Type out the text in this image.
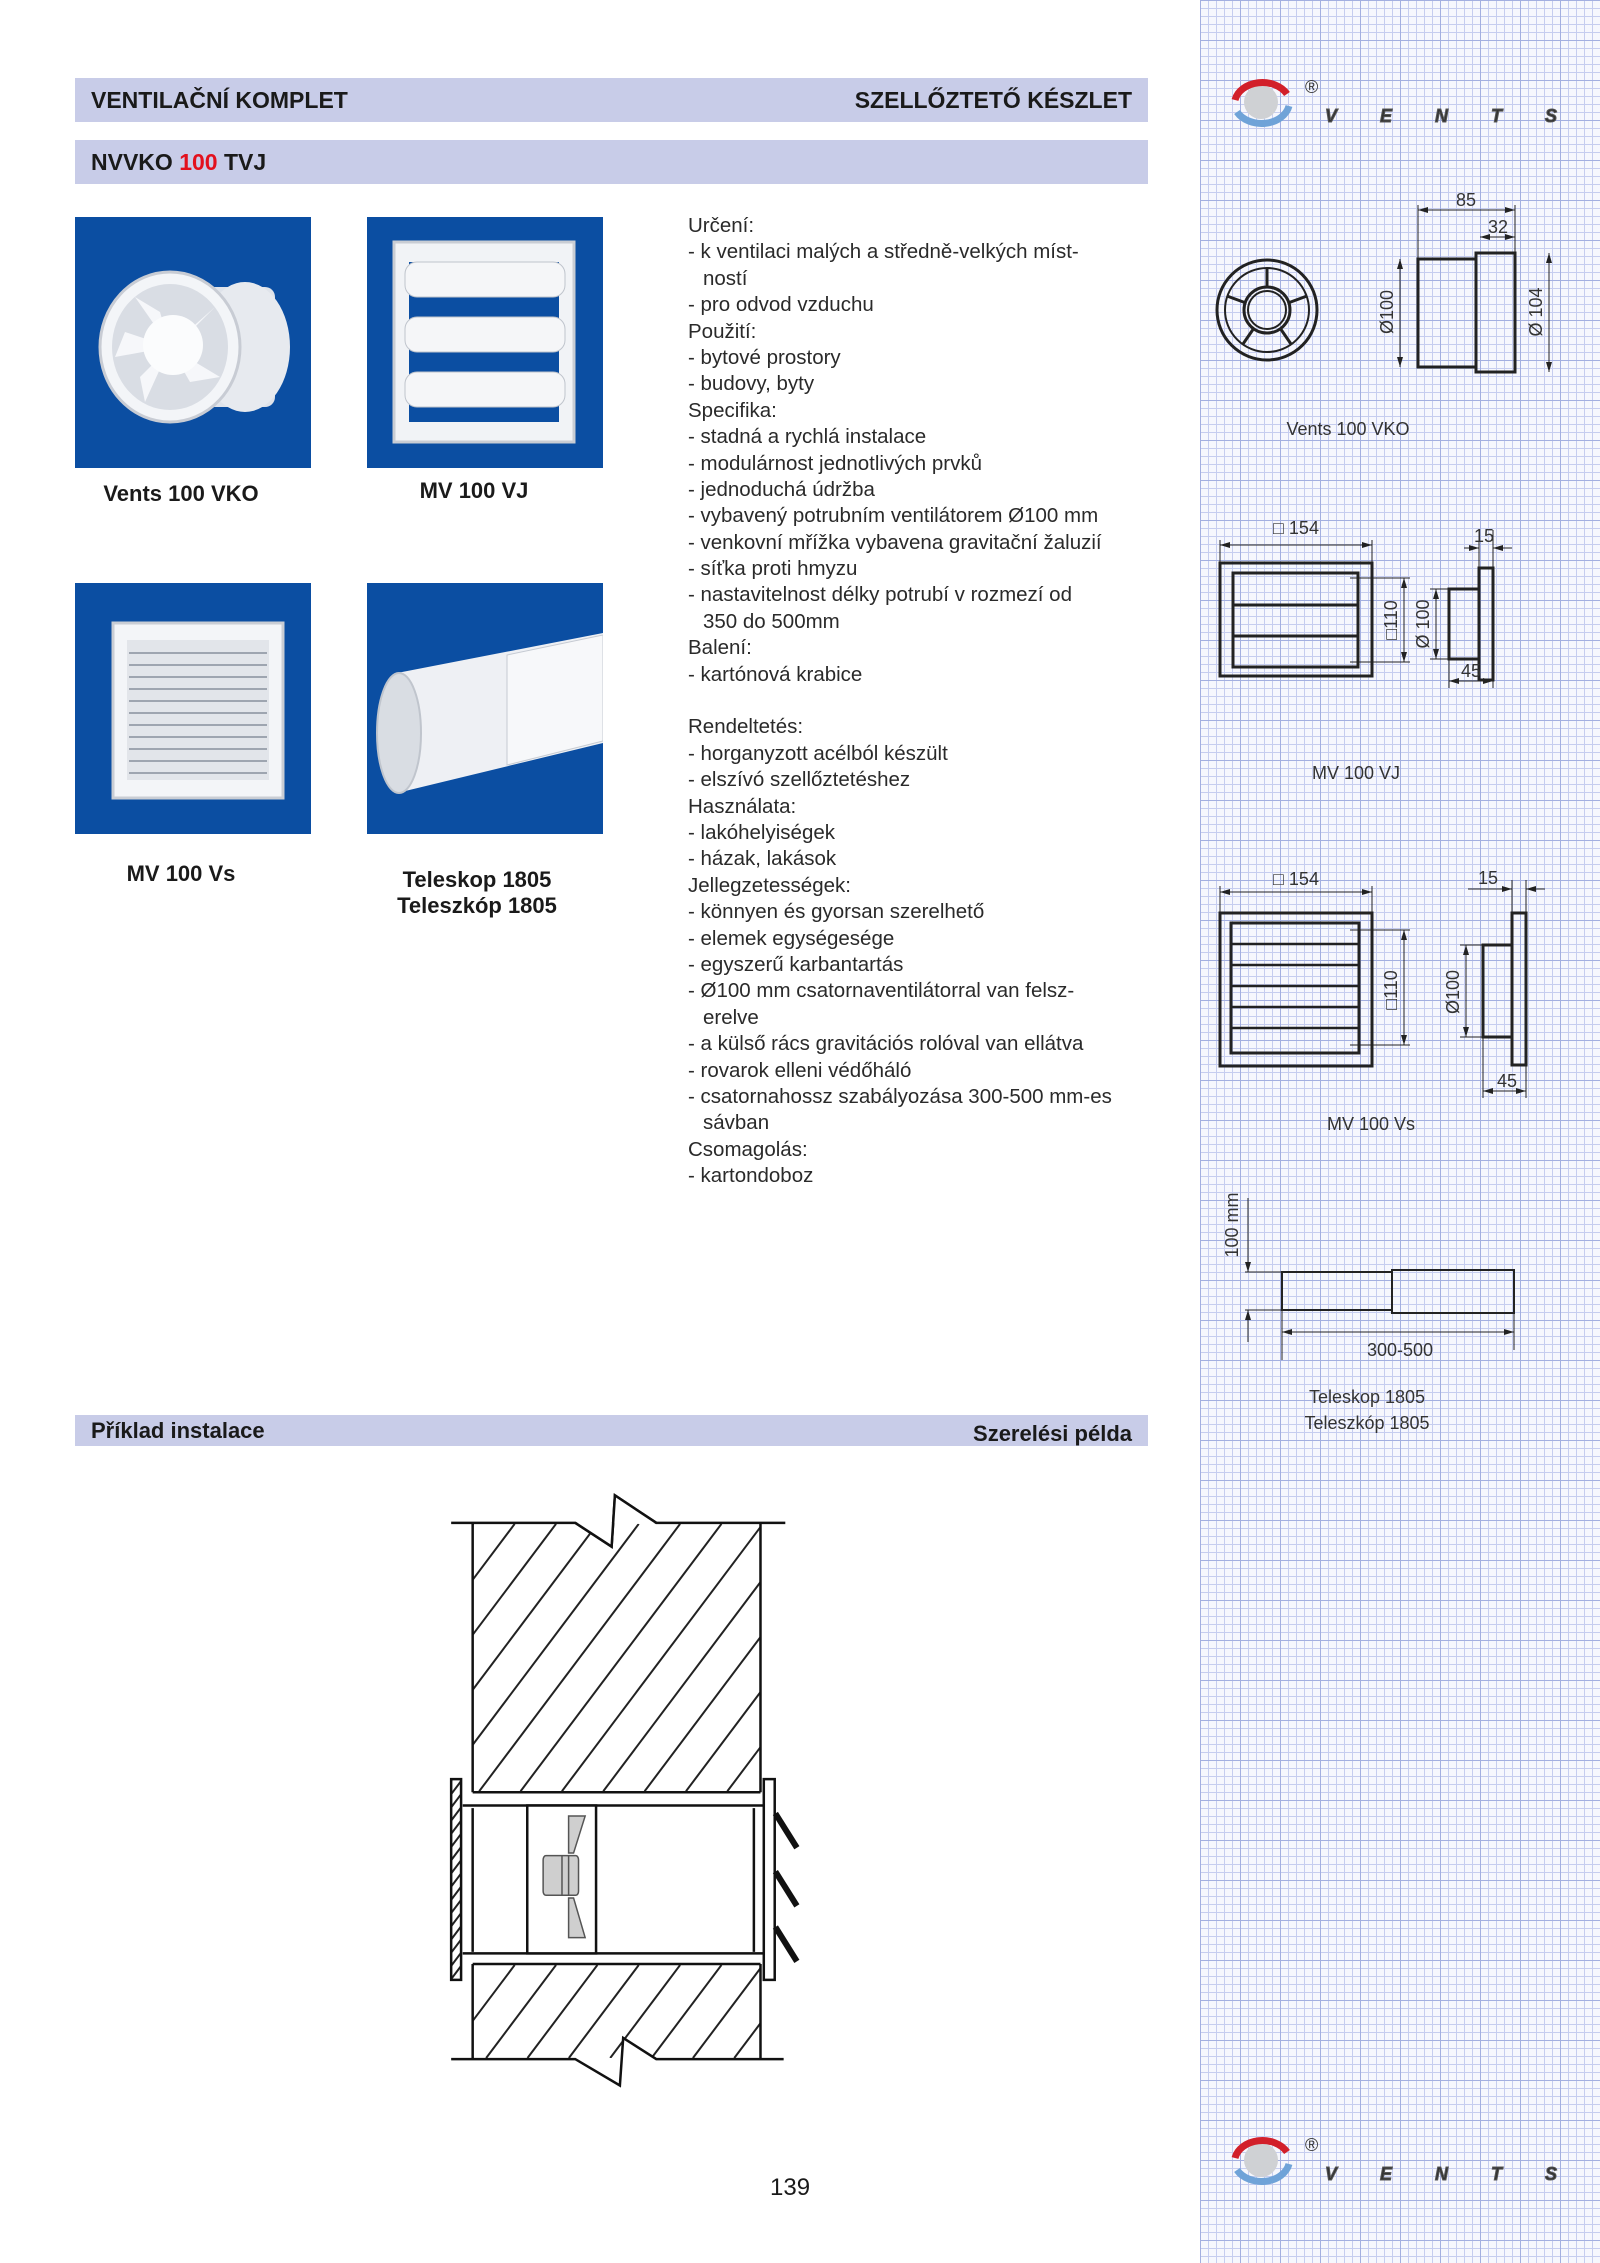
VENTILAČNÍ KOMPLET	SZELLŐZTETŐ KÉSZLET
NVVKO 100 TVJ
Vents 100 VKO	MV 100 VJ
MV 100 Vs	Teleskop 1805
Teleszkóp 1805
Určení:
- k ventilaci malých a středně-velkých míst-
ností
- pro odvod vzduchu
Použití:
- bytové prostory
- budovy, byty
Specifika:
- stadná a rychlá instalace
- modulárnost jednotlivých prvků
- jednoduchá údržba
- vybavený potrubním ventilátorem Ø100 mm
- venkovní mřížka vybavena gravitační žaluzií
- síťka proti hmyzu
- nastavitelnost délky potrubí v rozmezí od
350 do 500mm
Balení:
- kartónová krabice
Rendeltetés:
- horganyzott acélból készült
- elszívó szellőztetéshez
Használata:
- lakóhelyiségek
- házak, lakások
Jellegzetességek:
- könnyen és gyorsan szerelhető
- elemek egységesége
- egyszerű karbantartás
- Ø100 mm csatornaventilátorral van felsz-
erelve
- a külső rács gravitációs rolóval van ellátva
- rovarok elleni védőháló
- csatornahossz szabályozása 300-500 mm-es
sávban
Csomagolás:
- kartondoboz
Příklad instalace	Szerelési példa
®
VENTS
85
32
Ø100	Ø 104
Vents 100 VKO
□ 154
□110 Ø 100
15
45
MV 100 VJ
□ 154
□110 Ø100
15
45
MV 100 Vs
100 mm
300-500
Teleskop 1805
Teleszkóp 1805
®
VENTS
139
